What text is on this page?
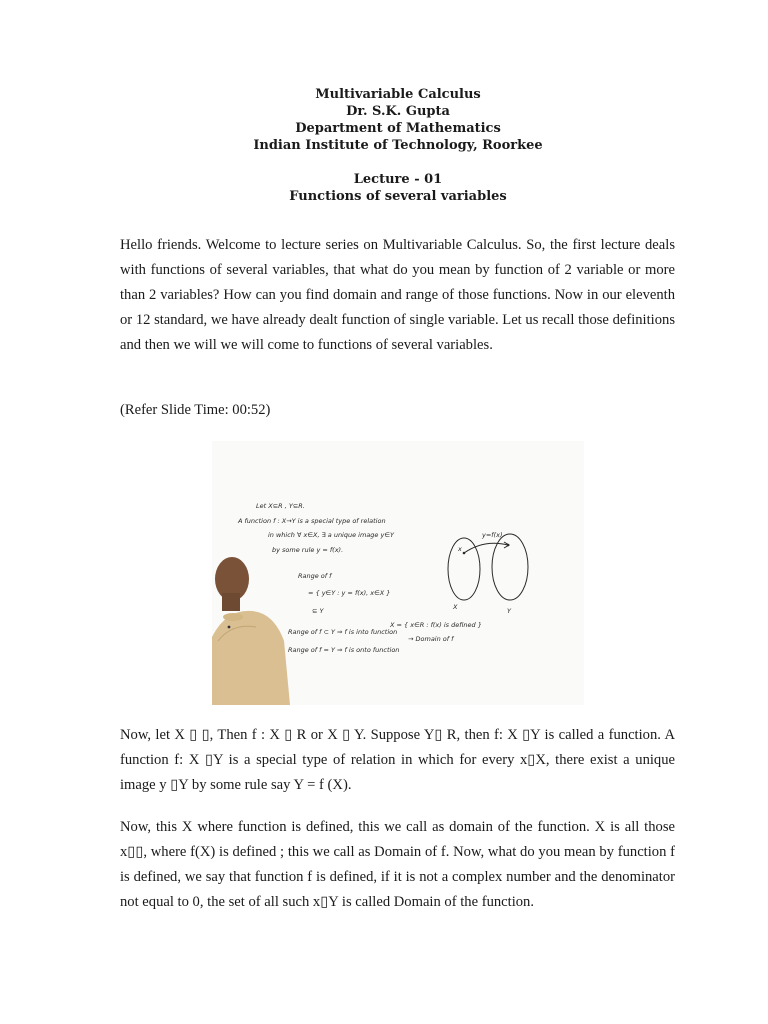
Multivariable Calculus
Dr. S.K. Gupta
Department of Mathematics
Indian Institute of Technology, Roorkee
Lecture - 01
Functions of several variables
Hello friends. Welcome to lecture series on Multivariable Calculus. So, the first lecture deals with functions of several variables, that what do you mean by function of 2 variable or more than 2 variables? How can you find domain and range of those functions. Now in our eleventh or 12 standard, we have already dealt function of single variable. Let us recall those definitions and then we will we will come to functions of several variables.
(Refer Slide Time: 00:52)
Let X⊆R , Y⊆R.
A function f : X→Y is a special type of relation
in which ∀ x∈X, ∃ a unique image y∈Y
by some rule y = f(x).
Range of f
= { y∈Y : y = f(x), x∈X }
⊆ Y
Range of f ⊂ Y ⇒ f is into function
Range of f = Y ⇒ f is onto function
x
y=f(x)
X	Y
X = { x∈R : f(x) is defined }
→ Domain of f
Now, let X ▯ ▯, Then f : X ▯ R or X ▯ Y. Suppose Y▯ R, then f: X ▯Y is called a function. A function f: X ▯Y is a special type of relation in which for every x▯X, there exist a unique image y ▯Y by some rule say Y = f (X).
Now, this X where function is defined, this we call as domain of the function. X is all those x▯▯, where f(X) is defined ; this we call as Domain of f. Now, what do you mean by function f is defined, we say that function f is defined, if it is not a complex number and the denominator not equal to 0, the set of all such x▯Y is called Domain of the function.
